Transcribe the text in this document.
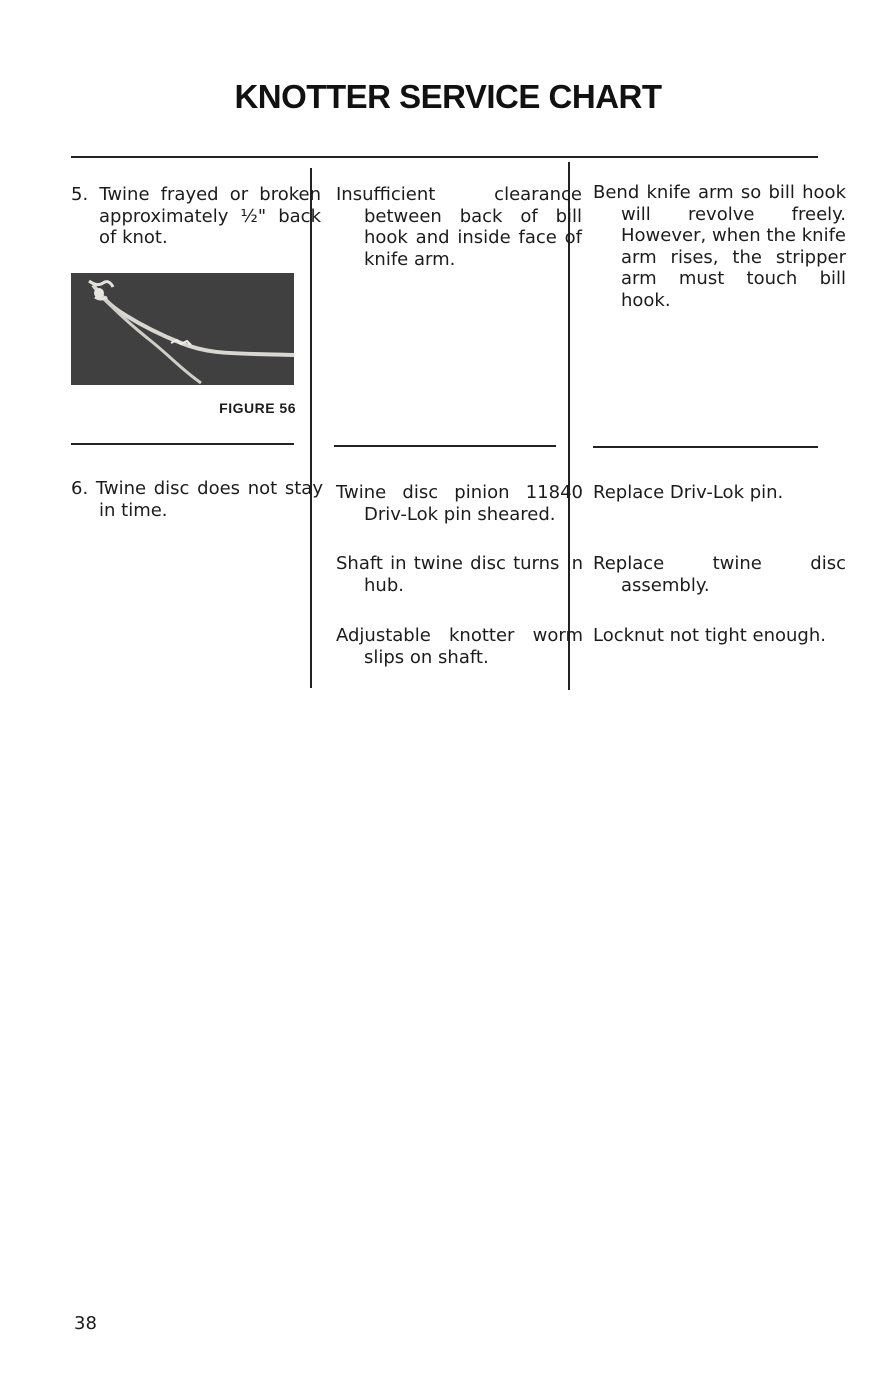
KNOTTER SERVICE CHART
5. Twine frayed or broken approximately ½" back of knot.
FIGURE 56
Insufficient clearance between back of bill hook and inside face of knife arm.
Bend knife arm so bill hook will revolve freely. However, when the knife arm rises, the stripper arm must touch bill hook.
6. Twine disc does not stay in time.
Twine disc pinion 11840 Driv-Lok pin sheared.
Shaft in twine disc turns in hub.
Adjustable knotter worm slips on shaft.
Replace Driv-Lok pin.
Replace twine disc assembly.
Locknut not tight enough.
38
